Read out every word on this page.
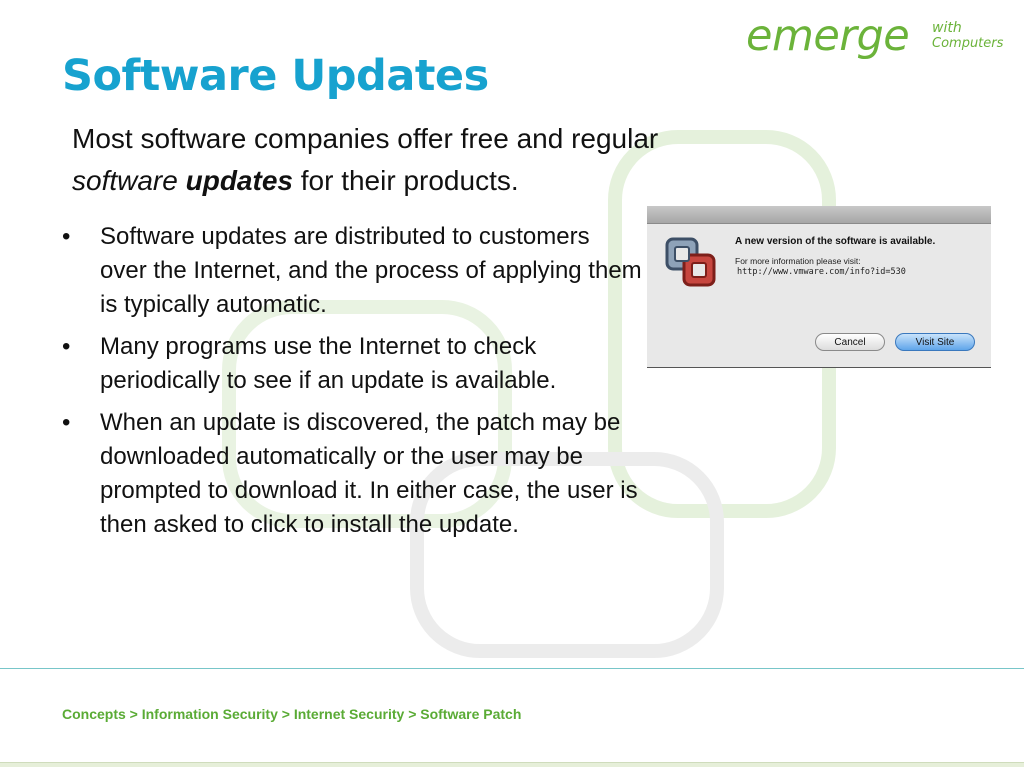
emerge with
Computers
Software Updates

Most software companies offer free and regular
software updates for their products.

• Software updates are distributed to customers over the Internet, and the process of applying them is typically automatic.
• Many programs use the Internet to check periodically to see if an update is available.
• When an update is discovered, the patch may be downloaded automatically or the user may be prompted to download it. In either case, the user is then asked to click to install the update.
A new version of the software is available.
For more information please visit:
http://www.vmware.com/info?id=530
Cancel	Visit Site
Concepts > Information Security > Internet Security > Software Patch
